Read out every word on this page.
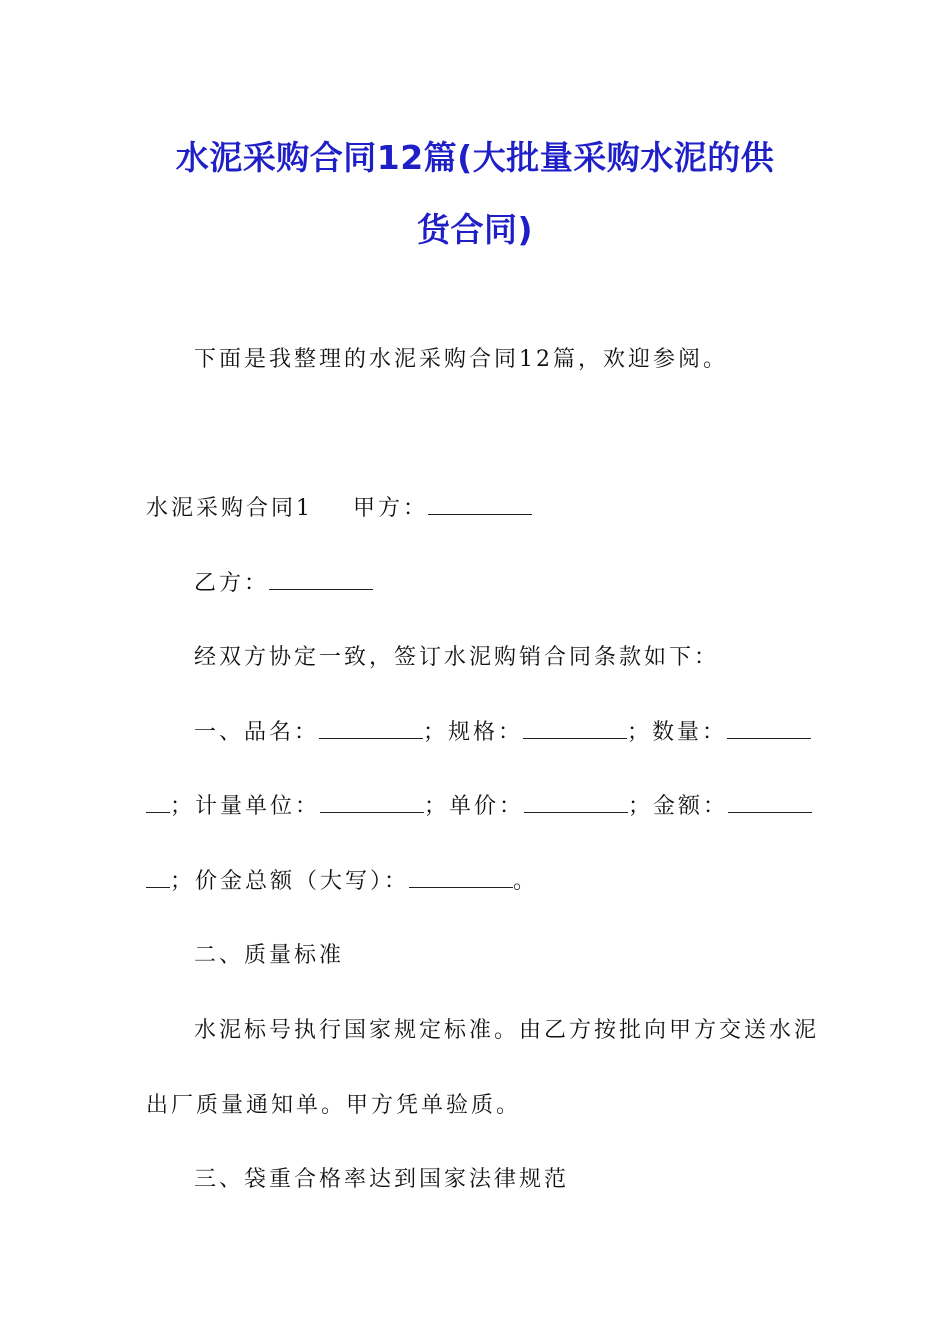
水泥采购合同12篇(大批量采购水泥的供
货合同)
下面是我整理的水泥采购合同12篇，欢迎参阅。
水泥采购合同1 甲方：
乙方：
经双方协定一致，签订水泥购销合同条款如下：
一、品名：	；规格：	；数量：
；计量单位：	；单价：	；金额：
；价金总额（大写）：	。
二、质量标准
水泥标号执行国家规定标准。由乙方按批向甲方交送水泥
出厂质量通知单。甲方凭单验质。
三、袋重合格率达到国家法律规范
